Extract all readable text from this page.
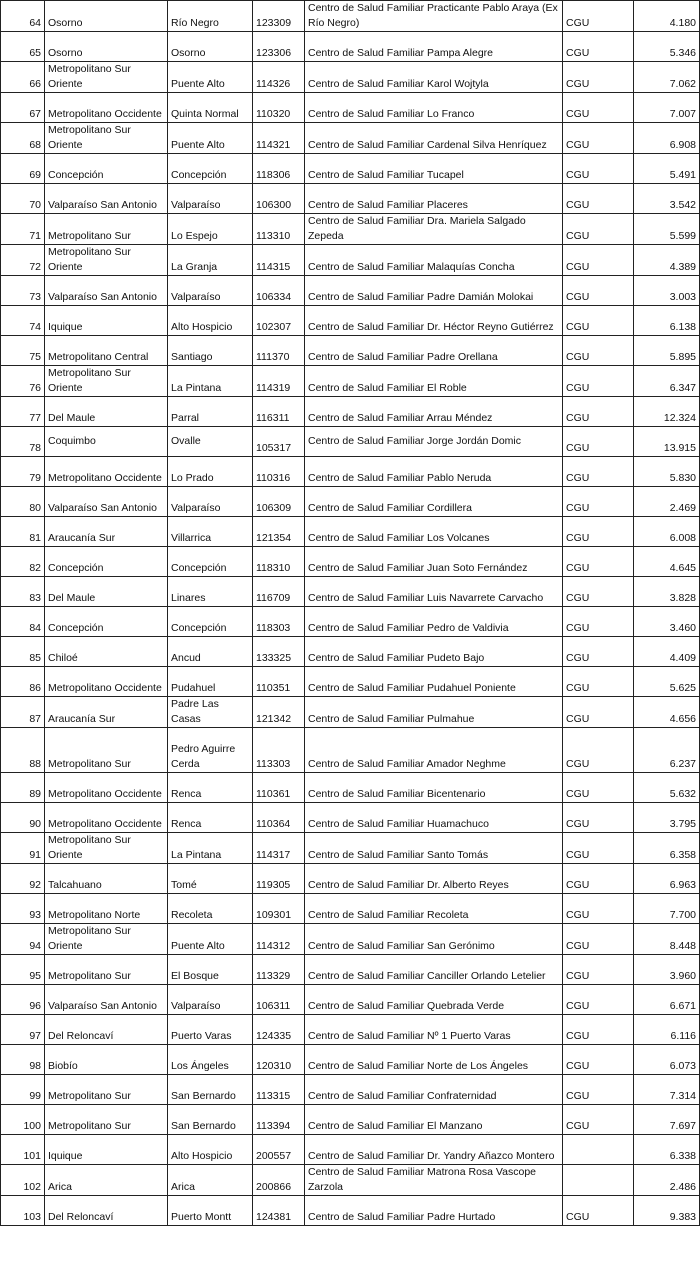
64	Osorno	Río Negro	123309	Centro de Salud Familiar Practicante Pablo Araya (Ex Río Negro)	CGU	4.180
65	Osorno	Osorno	123306	Centro de Salud Familiar Pampa Alegre	CGU	5.346
66	Metropolitano Sur Oriente	Puente Alto	114326	Centro de Salud Familiar Karol Wojtyla	CGU	7.062
67	Metropolitano Occidente	Quinta Normal	110320	Centro de Salud Familiar Lo Franco	CGU	7.007
68	Metropolitano Sur Oriente	Puente Alto	114321	Centro de Salud Familiar Cardenal Silva Henríquez	CGU	6.908
69	Concepción	Concepción	118306	Centro de Salud Familiar Tucapel	CGU	5.491
70	Valparaíso San Antonio	Valparaíso	106300	Centro de Salud Familiar Placeres	CGU	3.542
71	Metropolitano Sur	Lo Espejo	113310	Centro de Salud Familiar Dra. Mariela Salgado Zepeda	CGU	5.599
72	Metropolitano Sur Oriente	La Granja	114315	Centro de Salud Familiar Malaquías Concha	CGU	4.389
73	Valparaíso San Antonio	Valparaíso	106334	Centro de Salud Familiar Padre Damián Molokai	CGU	3.003
74	Iquique	Alto Hospicio	102307	Centro de Salud Familiar Dr. Héctor Reyno Gutiérrez	CGU	6.138
75	Metropolitano Central	Santiago	111370	Centro de Salud Familiar Padre Orellana	CGU	5.895
76	Metropolitano Sur Oriente	La Pintana	114319	Centro de Salud Familiar El Roble	CGU	6.347
77	Del Maule	Parral	116311	Centro de Salud Familiar Arrau Méndez	CGU	12.324
78	Coquimbo	Ovalle	105317	Centro de Salud Familiar Jorge Jordán Domic	CGU	13.915
79	Metropolitano Occidente	Lo Prado	110316	Centro de Salud Familiar Pablo Neruda	CGU	5.830
80	Valparaíso San Antonio	Valparaíso	106309	Centro de Salud Familiar Cordillera	CGU	2.469
81	Araucanía Sur	Villarrica	121354	Centro de Salud Familiar Los Volcanes	CGU	6.008
82	Concepción	Concepción	118310	Centro de Salud Familiar Juan Soto Fernández	CGU	4.645
83	Del Maule	Linares	116709	Centro de Salud Familiar Luis Navarrete Carvacho	CGU	3.828
84	Concepción	Concepción	118303	Centro de Salud Familiar Pedro de Valdivia	CGU	3.460
85	Chiloé	Ancud	133325	Centro de Salud Familiar Pudeto Bajo	CGU	4.409
86	Metropolitano Occidente	Pudahuel	110351	Centro de Salud Familiar Pudahuel Poniente	CGU	5.625
87	Araucanía Sur	Padre Las Casas	121342	Centro de Salud Familiar Pulmahue	CGU	4.656
88	Metropolitano Sur	Pedro Aguirre Cerda	113303	Centro de Salud Familiar Amador Neghme	CGU	6.237
89	Metropolitano Occidente	Renca	110361	Centro de Salud Familiar Bicentenario	CGU	5.632
90	Metropolitano Occidente	Renca	110364	Centro de Salud Familiar Huamachuco	CGU	3.795
91	Metropolitano Sur Oriente	La Pintana	114317	Centro de Salud Familiar Santo Tomás	CGU	6.358
92	Talcahuano	Tomé	119305	Centro de Salud Familiar Dr. Alberto Reyes	CGU	6.963
93	Metropolitano Norte	Recoleta	109301	Centro de Salud Familiar Recoleta	CGU	7.700
94	Metropolitano Sur Oriente	Puente Alto	114312	Centro de Salud Familiar San Gerónimo	CGU	8.448
95	Metropolitano Sur	El Bosque	113329	Centro de Salud Familiar Canciller Orlando Letelier	CGU	3.960
96	Valparaíso San Antonio	Valparaíso	106311	Centro de Salud Familiar Quebrada Verde	CGU	6.671
97	Del Reloncaví	Puerto Varas	124335	Centro de Salud Familiar Nº 1 Puerto Varas	CGU	6.116
98	Biobío	Los Ángeles	120310	Centro de Salud Familiar Norte de Los Ángeles	CGU	6.073
99	Metropolitano Sur	San Bernardo	113315	Centro de Salud Familiar Confraternidad	CGU	7.314
100	Metropolitano Sur	San Bernardo	113394	Centro de Salud Familiar El Manzano	CGU	7.697
101	Iquique	Alto Hospicio	200557	Centro de Salud Familiar Dr. Yandry Añazco Montero		6.338
102	Arica	Arica	200866	Centro de Salud Familiar Matrona Rosa Vascope Zarzola		2.486
103	Del Reloncaví	Puerto Montt	124381	Centro de Salud Familiar Padre Hurtado	CGU	9.383
